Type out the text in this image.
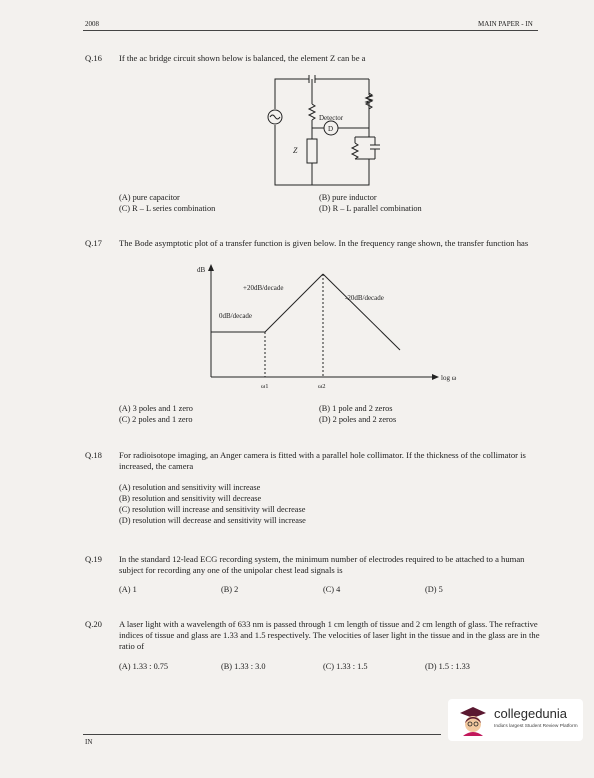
2008	MAIN PAPER - IN
Q.16 If the ac bridge circuit shown below is balanced, the element Z can be a
Detector
D
Z
(A) pure capacitor	(B) pure inductor
(C) R – L series combination	(D) R – L parallel combination
Q.17 The Bode asymptotic plot of a transfer function is given below. In the frequency range shown, the transfer function has
dB
log ω
+20dB/decade
-20dB/decade
0dB/decade
ω1	ω2
(A) 3 poles and 1 zero	(B) 1 pole and 2 zeros
(C) 2 poles and 1 zero	(D) 2 poles and 2 zeros
Q.18 For radioisotope imaging, an Anger camera is fitted with a parallel hole collimator. If the thickness of the collimator is increased, the camera
(A) resolution and sensitivity will increase
(B) resolution and sensitivity will decrease
(C) resolution will increase and sensitivity will decrease
(D) resolution will decrease and sensitivity will increase
Q.19 In the standard 12-lead ECG recording system, the minimum number of electrodes required to be attached to a human subject for recording any one of the unipolar chest lead signals is
(A) 1	(B) 2	(C) 4	(D) 5
Q.20 A laser light with a wavelength of 633 nm is passed through 1 cm length of tissue and 2 cm length of glass. The refractive indices of tissue and glass are 1.33 and 1.5 respectively. The velocities of laser light in the tissue and in the glass are in the ratio of
(A) 1.33 : 0.75	(B) 1.33 : 3.0	(C) 1.33 : 1.5	(D) 1.5 : 1.33
IN
collegedunia
India's largest Student Review Platform
